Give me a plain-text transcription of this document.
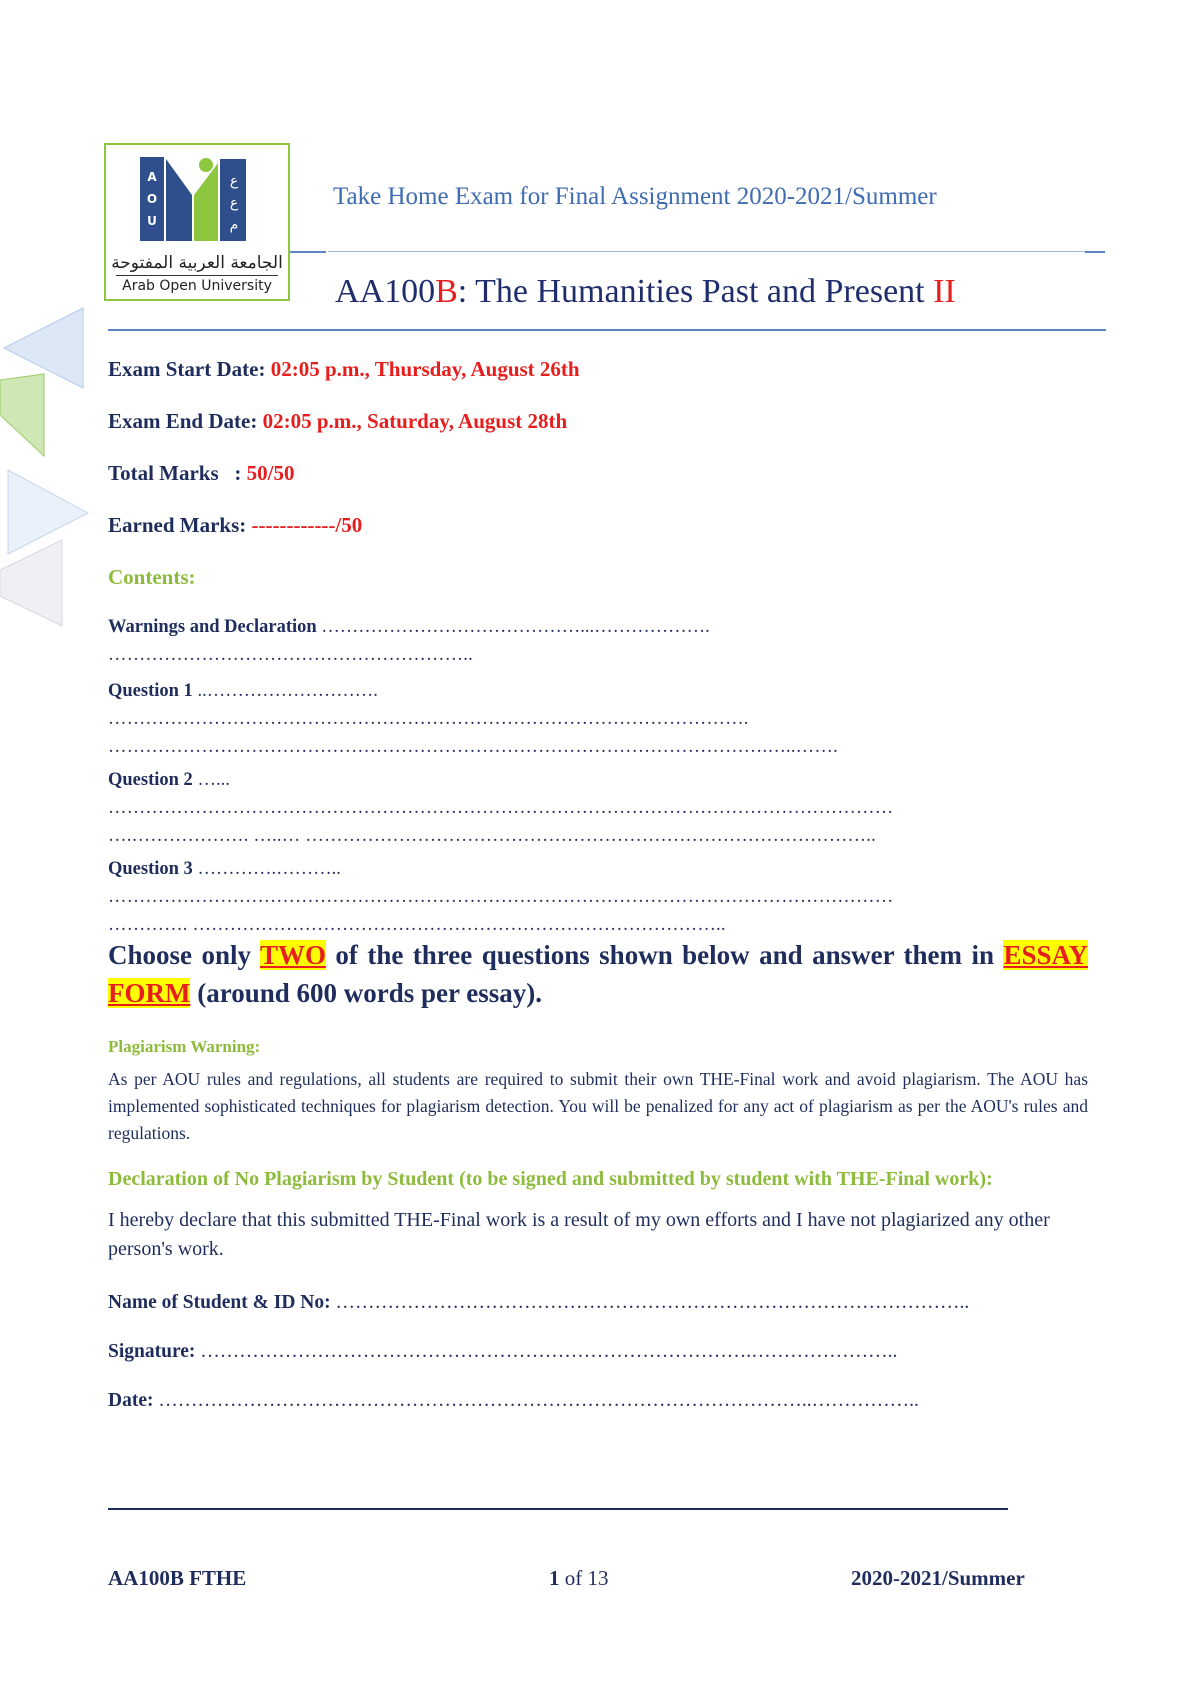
A
O
U
ع
ع
م
الجامعة العربية المفتوحة
Arab Open University
Take Home Exam for Final Assignment 2020-2021/Summer
AA100B: The Humanities Past and Present II
Exam Start Date: 02:05 p.m., Thursday, August 26th
Exam End Date: 02:05 p.m., Saturday, August 28th
Total Marks   : 50/50
Earned Marks: ------------/50
Contents:
Warnings and Declaration ……………………………………...……………….
…………………………………………………..
Question 1 ..……………………….
………………………………………………………………………………………….
…………………………………………………………………………………………….…..…….
Question 2 …...
………………………………………………………………………………………………………………
….………………. …..… ………………………………………………………………………………..
Question 3 ………….………..
………………………………………………………………………………………………………………
…………. …………………………………………………………………………..
Choose only TWO of the three questions shown below and answer them in ESSAY FORM (around 600 words per essay).
Plagiarism Warning:
As per AOU rules and regulations, all students are required to submit their own THE-Final work and avoid plagiarism. The AOU has implemented sophisticated techniques for plagiarism detection. You will be penalized for any act of plagiarism as per the AOU's rules and regulations.
Declaration of No Plagiarism by Student (to be signed and submitted by student with THE-Final work):
I hereby declare that this submitted THE-Final work is a result of my own efforts and I have not plagiarized any other person's work.
Name of Student & ID No: ……………………………………………………………………………………..
Signature: ………………………………………………………………………….…………………..
Date: ………………………………………………………………………………………..……………..
AA100B FTHE	1 of 13	2020-2021/Summer
